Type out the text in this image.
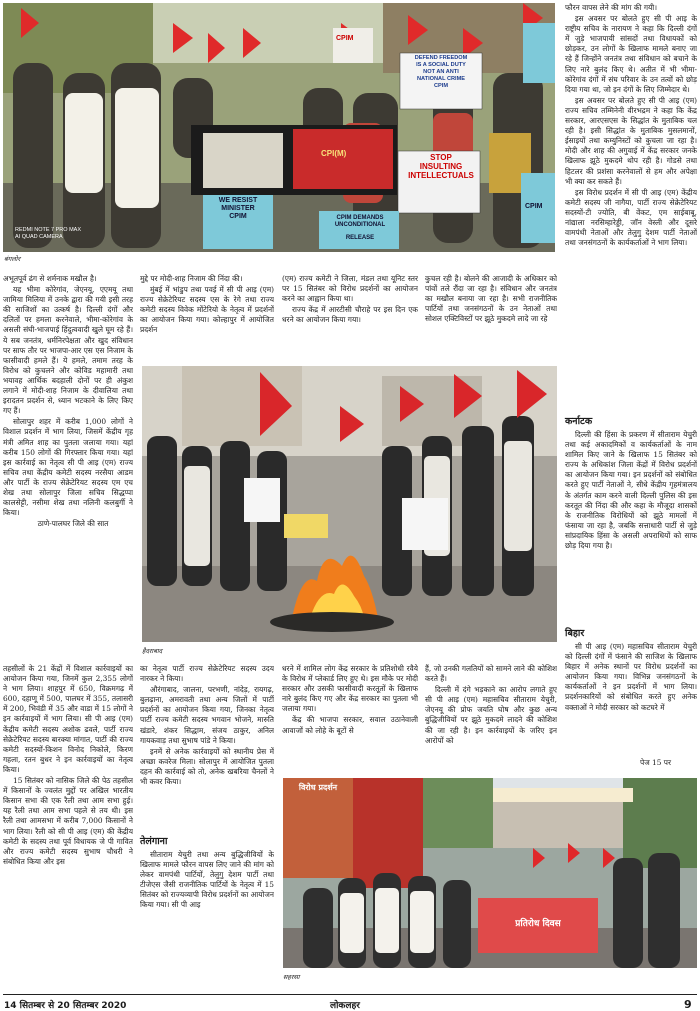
STOP
INSULTING
INTELLECTUALS
DEFEND FREEDOM
IS A SOCIAL DUTY
NOT AN ANTI
NATIONAL CRIME
CPIM
CPI(M)
WE RESIST
MINISTER
CPIM	CPIM DEMANDS
UNCONDITIONAL
RELEASE
CPIM
CPIM
REDMI NOTE 7 PRO MAX
AI QUAD CAMERA
बंगलोर

अभूतपूर्व ढंग से शर्मनाक मखौल है।

यह भीमा कोरेगांव, जेएनयू, एएमयू तथा जामिया मिलिया में उनके द्वारा की गयी इसी तरह की साजिशों का उत्कर्ष है। दिल्ली दंगों और दलितों पर हमला करनेवाले, भीमा-कोरेगांव के असली संघी-भाजपाई हिंदुत्ववादी खुले घूम रहे हैं। ये सब जनतंत्र, धर्मनिरपेक्षता और खुद संविधान पर साफ तौर पर भाजपा-आर एस एस निजाम के फासीवादी हमले हैं। ये हमले, तमाम तरह के विरोध को कुचलने और कोविड महामारी तथा भयावह आर्थिक बदहाली दोनों पर ही अंकुश लगाने में मोदी-शाह निजाम के दीवालिया तथा इरादतन प्रदर्शन से, ध्यान भटकाने के लिए किए गए हैं।

सोलापुर शहर में करीब 1,000 लोगों ने विशाल प्रदर्शन में भाग लिया, जिसमें केंद्रीय गृह मंत्री अमित शाह का पुतला जलाया गया। यहां करीब 150 लोगों की गिरफ्तार किया गया। यहां इस कार्रवाई का नेतृत्व सी पी आइ (एम) राज्य सचिव तथा केंद्रीय कमेटी सदस्य नरसैया आडम और पार्टी के राज्य सेक्रेटेरियट सदस्य एम एच शेख तथा सोलापुर जिला सचिव सिद्धप्पा कालसेट्टी, नसीमा शेख तथा नलिनी कलबुर्गी ने किया।

ठाणे-पालघर जिले की सात

मुद्दे पर मोदी-शाह निजाम की निंदा की।

मुंबई में भांडुप तथा पवई में सी पी आइ (एम) राज्य सेक्रेटेरियट सदस्य एस के रेगे तथा राज्य कमेटी सदस्य विवेक मोंटेरियो के नेतृत्व में प्रदर्शनों का आयोजन किया गया। कोल्हापुर में आयोजित प्रदर्शन

(एम) राज्य कमेटी ने जिला, मंडल तथा यूनिट स्तर पर 15 सितंबर को विरोध प्रदर्शनों का आयोजन करने का आह्वान किया था।

राज्य केंद्र में आरटीसी चौराहे पर इस दिन एक धरने का आयोजन किया गया।

कुचल रही है। बोलने की आजादी के अधिकार को पांवों तले रौंदा जा रहा है। संविधान और जनतंत्र का मखौल बनाया जा रहा है। सभी राजनीतिक पार्टियों तथा जनसंगठनों के उन नेताओं तथा सोशल एक्टिविस्टों पर झूठे मुकदमे लादे जा रहे

हैदराबाद

तहसीलों के 21 केंद्रों में विशाल कार्रवाइयों का आयोजन किया गया, जिनमें कुल 2,355 लोगों ने भाग लिया। शाहपुर में 650, विक्रमगढ़ में 600, दहाणू में 500, पालघर में 355, तलासरी में 200, भिवंडी में 35 और वाडा में 15 लोगों ने इन कार्रवाइयों में भाग लिया। सी पी आइ (एम) केंद्रीय कमेटी सदस्य अशोक ढवले, पार्टी राज्य सेक्रेटेरियट सदस्य बारक्या मांगात, पार्टी की राज्य कमेटी सदस्यों-किशन विनोद निकोले, किरण गहला, रतन बुधर ने इन कार्रवाइयों का नेतृत्व किया।

15 सितंबर को नासिक जिले की पेठ तहसील में किसानों के ज्वलंत मुद्दों पर अखिल भारतीय किसान सभा की एक रैली तथा आम सभा हुई। यह रैली तथा आम सभा पहले से तय थी। इस रैली तथा आमसभा में करीब 7,000 किसानों ने भाग लिया। रैली को सी पी आइ (एम) की केंद्रीय कमेटी के सदस्य तथा पूर्व विधायक जे पी गावित और राज्य कमेटी सदस्य सुभाष चौधरी ने संबोधित किया और इस

का नेतृत्व पार्टी राज्य सेक्रेटेरियट सदस्य उदय नारकर ने किया।

औरंगाबाद, जालना, परभणी, नांदेड़, रायगढ़, बुलढ़ाना, अमरावती तथा अन्य जिलों में पार्टी प्रदर्शनों का आयोजन किया गया, जिनका नेतृत्व पार्टी राज्य कमेटी सदस्य भगवान भोजने, मारुति खंडारे, शंकर सिद्धाम, संजय ठाकुर, अनिल गायकवाड़ तथा सुभाष पांडे ने किया।

इनमें से अनेक कार्रवाइयों को स्थानीय प्रेस में अच्छा कवरेज मिला। सोलापुर में आयोजित पुतला दहन की कार्रवाई को तो, अनेक खबरिया चैनलों ने भी कवर किया।

तेलंगाना

सीताराम येचुरी तथा अन्य बुद्धिजीवियों के खिलाफ मामले फौरन वापस लिए जाने की मांग को लेकर वामपंथी पार्टियों, तेलुगु देशम पार्टी तथा टीजेएस जैसी राजनीतिक पार्टियों के नेतृत्व में 15 सितंबर को राज्यव्यापी विरोध प्रदर्शनों का आयोजन किया गया। सी पी आइ

धरने में शामिल लोग केंद्र सरकार के प्रतिशोधी रवैये के विरोध में प्लेकार्ड लिए हुए थे। इस मौके पर मोदी सरकार और उसकी फासीवादी करतूतों के खिलाफ नारे बुलंद किए गए और केंद्र सरकार का पुतला भी जलाया गया।

केंद्र की भाजपा सरकार, सवाल उठानेवाली आवाजों को लोहे के बूटों से

हैं, जो उनकी गलतियों को सामने लाने की कोशिश करते हैं।

दिल्ली में दंगे भड़काने का आरोप लगाते हुए सी पी आइ (एम) महासचिव सीताराम येचुरी, जेएनयू की प्रोफ जयति घोष और कुछ अन्य बुद्धिजीवियों पर झूठे मुकदमे लादने की कोशिश की जा रही है। इन कार्रवाइयों के जरिए इन आरोपों को

विरोध प्रदर्शन
प्रतिरोध दिवस
सहरसा

फौरन वापस लेने की मांग की गयी।

इस अवसर पर बोलते हुए सी पी आइ के राष्ट्रीय सचिव के नारायण ने कहा कि दिल्ली दंगों में जुड़े भाजपायी सांसदों तथा विधायकों को छोड़कर, उन लोगों के खिलाफ मामले बनाए जा रहे हैं जिन्होंने जनतंत्र तथा संविधान को बचाने के लिए नारे बुलंद किए थे। अतीत में भी भीमा-कोरेगांव दंगों में संघ परिवार के उन तत्वों को छोड़ दिया गया था, जो इन दंगों के लिए जिम्मेदार थे।

इस अवसर पर बोलते हुए सी पी आइ (एम) राज्य सचिव तम्मिनेनी वीरभद्रम ने कहा कि केंद्र सरकार, आरएसएस के सिद्धांत के मुताबिक चल रही है। इसी सिद्धांत के मुताबिक मुसलमानों, ईसाइयों तथा कम्युनिस्टों को कुचला जा रहा है। मोदी और शाह की अगुवाई में केंद्र सरकार जनके खिलाफ झूठे मुकदमे थोप रही है। गोडसे तथा हिटलर की प्रशंसा करनेवालों से हम और अपेक्षा भी क्या कर सकते हैं।

इस विरोध प्रदर्शन में सी पी आइ (एम) केंद्रीय कमेटी सदस्य जी नागैया, पार्टी राज्य सेक्रेटेरियट सदस्यों-टी ज्योति, बी वेंकट, एम साईबाबू, नांद्याला नरसिम्हारेड्डी, जॉन वेस्ली और दूसरे वामपंथी नेताओं और तेलुगु देशम पार्टी नेताओं तथा जनसंगठनों के कार्यकर्ताओं ने भाग लिया।

कर्नाटक

दिल्ली की हिंसा के प्रकरण में सीताराम येचुरी तथा कई अकादमिकों व कार्यकर्ताओं के नाम शामिल किए जाने के खिलाफ 15 सितंबर को राज्य के अधिकांश जिला केंद्रों में विरोध प्रदर्शनों का आयोजन किया गया। इन प्रदर्शनों को संबोधित करते हुए पार्टी नेताओं ने, सीधे केंद्रीय गृहमंत्रालय के अंतर्गत काम करने वाली दिल्ली पुलिस की इस करतूत की निंदा की और कहा के मौजूदा शासकों के राजनीतिक विरोधियों को झूठे मामलों में फंसाया जा रहा है, जबकि सत्ताधारी पार्टी से जुड़े सांप्रदायिक हिंसा के असली अपराधियों को साफ छोड़ दिया गया है।

बिहार

सी पी आइ (एम) महासचिव सीताराम येचुरी को दिल्ली दंगों में फंसाने की साजिश के खिलाफ बिहार में अनेक स्थानों पर विरोध प्रदर्शनों का आयोजन किया गया। विभिन्न जनसंगठनों के कार्यकर्ताओं ने इन प्रदर्शनों में भाग लिया। प्रदर्शनकारियों को संबोधित करते हुए अनेक वक्ताओं ने मोदी सरकार को कटघरे में

पेज 15 पर
14 सितम्बर से 20 सितम्बर 2020	लोकलहर	9
